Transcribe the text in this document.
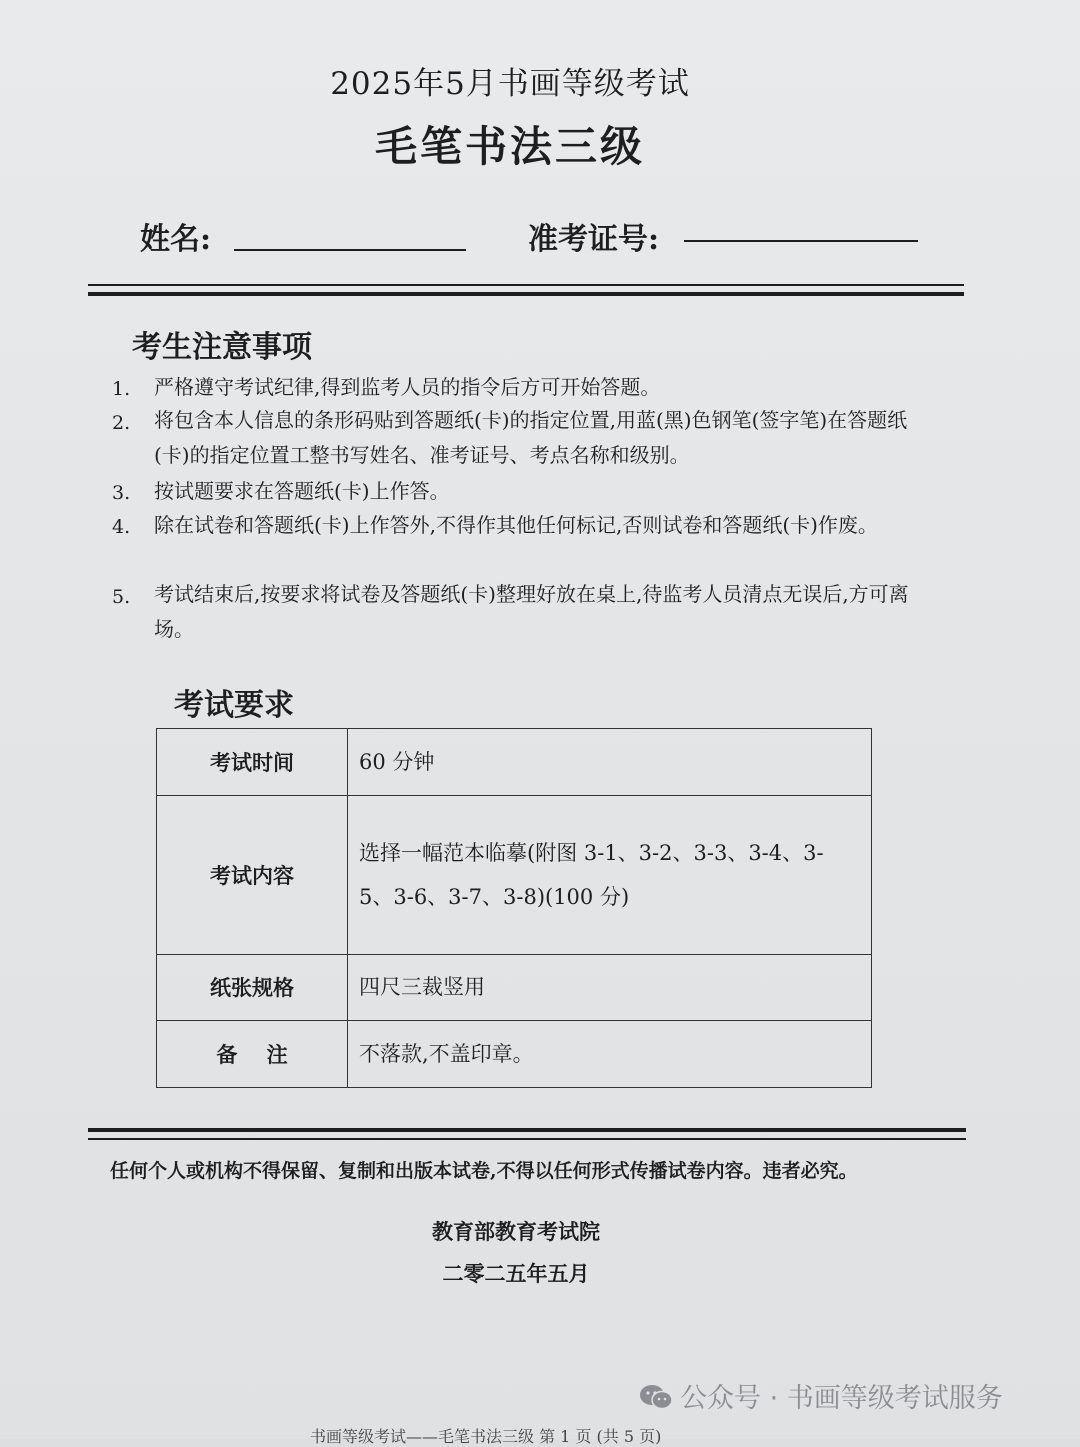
2025年5月书画等级考试
毛笔书法三级
姓名:	准考证号:
考生注意事项
1. 严格遵守考试纪律,得到监考人员的指令后方可开始答题。
2. 将包含本人信息的条形码贴到答题纸(卡)的指定位置,用蓝(黑)色钢笔(签字笔)在答题纸(卡)的指定位置工整书写姓名、准考证号、考点名称和级别。
3. 按试题要求在答题纸(卡)上作答。
4. 除在试卷和答题纸(卡)上作答外,不得作其他任何标记,否则试卷和答题纸(卡)作废。
5. 考试结束后,按要求将试卷及答题纸(卡)整理好放在桌上,待监考人员清点无误后,方可离场。
考试要求
考试时间	60 分钟
考试内容	选择一幅范本临摹(附图 3-1、3-2、3-3、3-4、3-5、3-6、3-7、3-8)(100 分)
纸张规格	四尺三裁竖用
备    注	不落款,不盖印章。
任何个人或机构不得保留、复制和出版本试卷,不得以任何形式传播试卷内容。违者必究。
教育部教育考试院
二零二五年五月
公众号 · 书画等级考试服务
书画等级考试——毛笔书法三级 第 1 页 (共 5 页)
